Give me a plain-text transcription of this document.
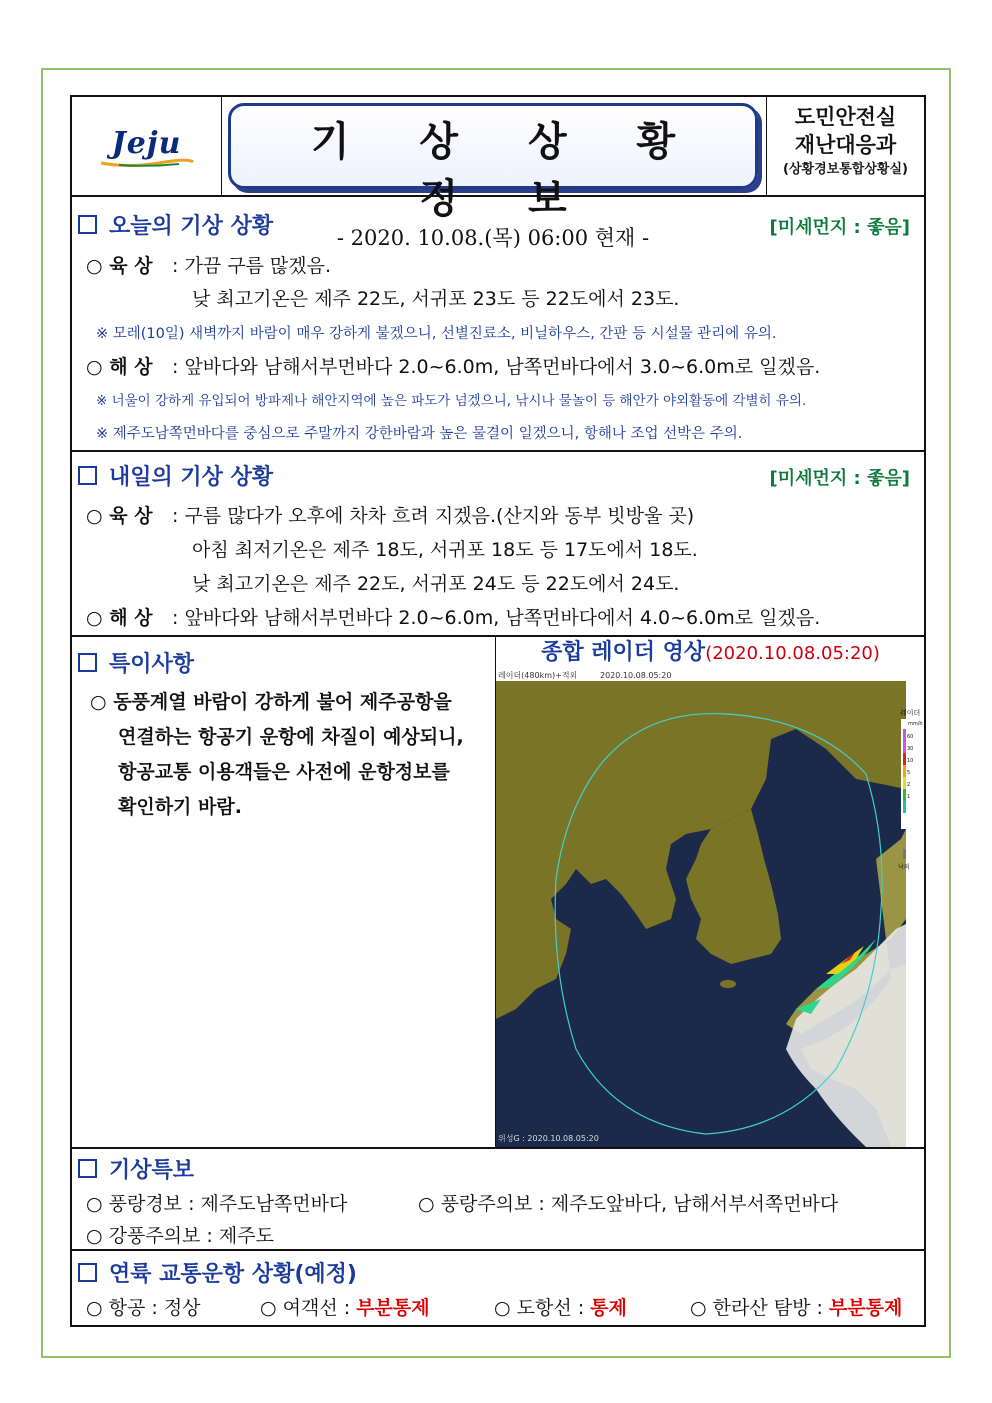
Jeju	기 상 상 황 정 보
- 2020. 10.08.(목) 06:00 현재 -
도민안전실
재난대응과
(상황경보통합상황실)
오늘의 기상 상황	[미세먼지 : 좋음]
○ 육 상 : 가끔 구름 많겠음.
낮 최고기온은 제주 22도, 서귀포 23도 등 22도에서 23도.
※ 모레(10일) 새벽까지 바람이 매우 강하게 불겠으니, 선별진료소, 비닐하우스, 간판 등 시설물 관리에 유의.
○ 해 상 : 앞바다와 남해서부먼바다 2.0~6.0m, 남쪽먼바다에서 3.0~6.0m로 일겠음.
※ 너울이 강하게 유입되어 방파제나 해안지역에 높은 파도가 넘겠으니, 낚시나 물놀이 등 해안가 야외활동에 각별히 유의.
※ 제주도남쪽먼바다를 중심으로 주말까지 강한바람과 높은 물결이 일겠으니, 항해나 조업 선박은 주의.
내일의 기상 상황	[미세먼지 : 좋음]
○ 육 상 : 구름 많다가 오후에 차차 흐려 지겠음.(산지와 동부 빗방울 곳)
아침 최저기온은 제주 18도, 서귀포 18도 등 17도에서 18도.
낮 최고기온은 제주 22도, 서귀포 24도 등 22도에서 24도.
○ 해 상 : 앞바다와 남해서부먼바다 2.0~6.0m, 남쪽먼바다에서 4.0~6.0m로 일겠음.
특이사항
○ 동풍계열 바람이 강하게 불어 제주공항을
연결하는 항공기 운항에 차질이 예상되니,
항공교통 이용객들은 사전에 운항정보를
확인하기 바람.
종합 레이더 영상(2020.10.08.05:20)
레이더(480km)+적외	2020.10.08.05:20
레이더
mm/h
위성G : 2020.10.08.05:20
60
30
10
5
2
1
낙뢰
기상특보
○ 풍랑경보 : 제주도남쪽먼바다	○ 풍랑주의보 : 제주도앞바다, 남해서부서쪽먼바다
○ 강풍주의보 : 제주도
연륙 교통운항 상황(예정)
○ 항공 : 정상	○ 여객선 : 부분통제	○ 도항선 : 통제	○ 한라산 탐방 : 부분통제
